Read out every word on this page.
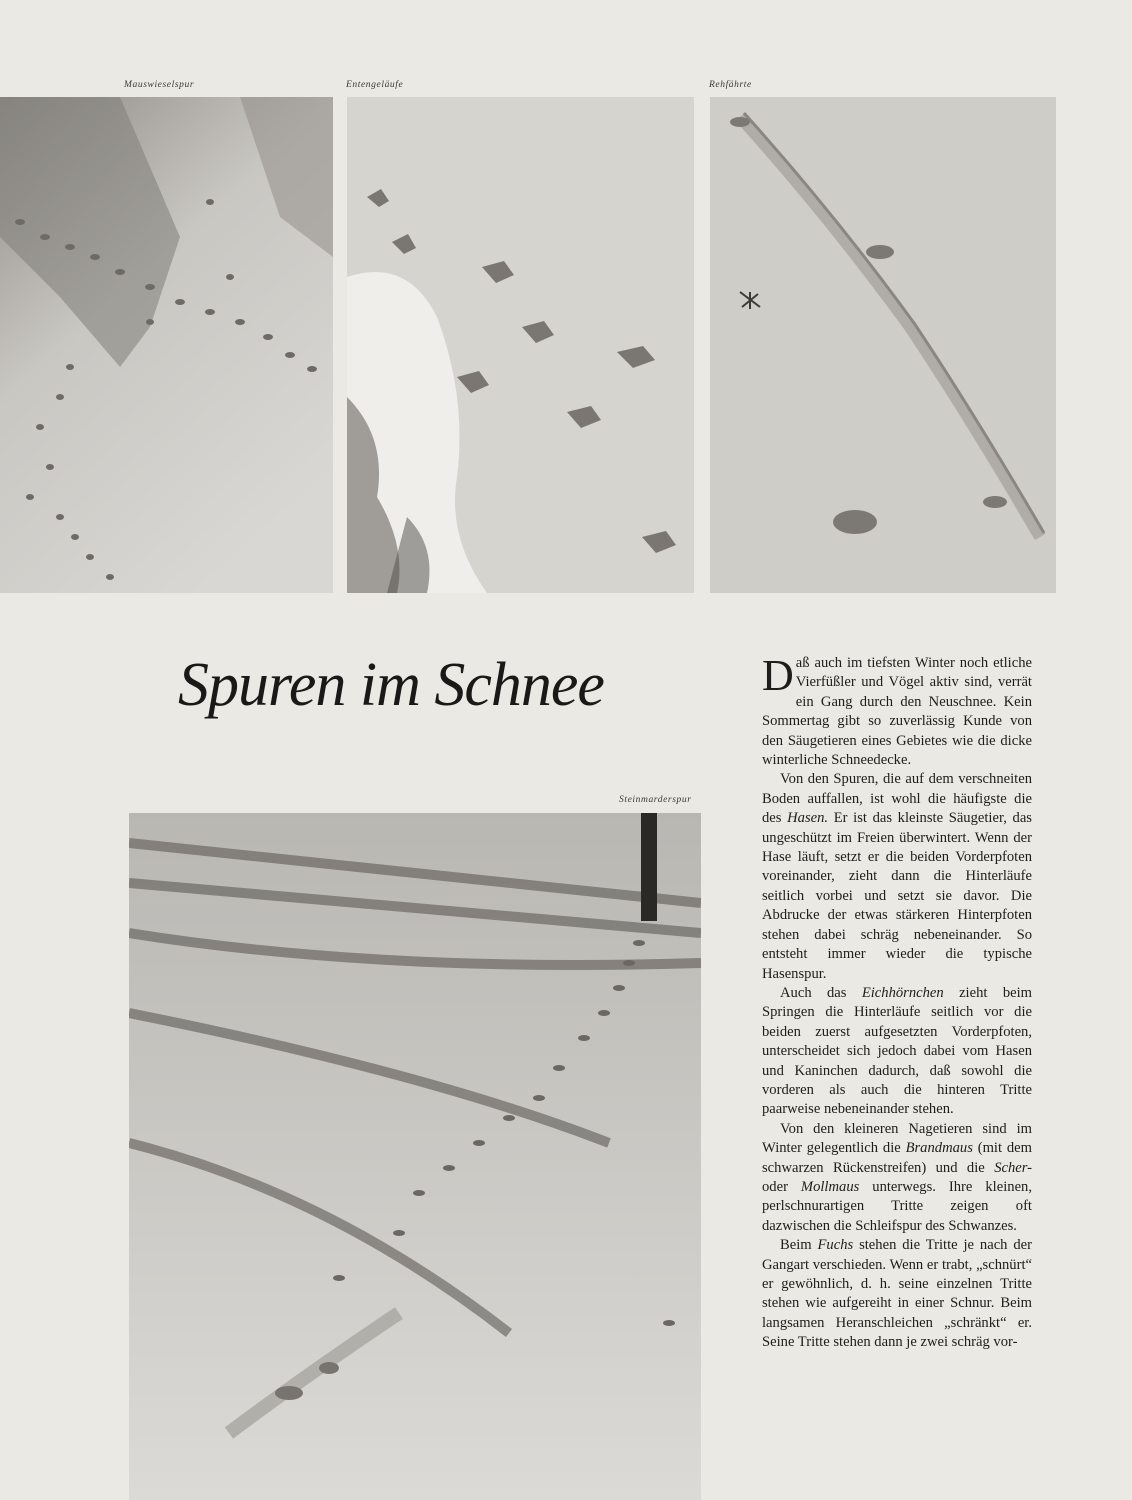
Mauswieselspur	Entengeläufe	Rehfährte
Steinmarderspur
Spuren im Schnee	Daß auch im tiefsten Winter noch etliche Vierfüßler und Vögel aktiv sind, verrät ein Gang durch den Neuschnee. Kein Sommertag gibt so zuverlässig Kunde von den Säugetieren eines Gebietes wie die dicke winterliche Schneedecke.

Von den Spuren, die auf dem verschneiten Boden auffallen, ist wohl die häufigste die des Hasen. Er ist das kleinste Säugetier, das ungeschützt im Freien überwintert. Wenn der Hase läuft, setzt er die beiden Vorderpfoten voreinander, zieht dann die Hinterläufe seitlich vorbei und setzt sie davor. Die Abdrucke der etwas stärkeren Hinterpfoten stehen dabei schräg nebeneinander. So entsteht immer wieder die typische Hasenspur.

Auch das Eichhörnchen zieht beim Springen die Hinterläufe seitlich vor die beiden zuerst aufgesetzten Vorderpfoten, unterscheidet sich jedoch dabei vom Hasen und Kaninchen dadurch, daß sowohl die vorderen als auch die hinteren Tritte paarweise nebeneinander stehen.

Von den kleineren Nagetieren sind im Winter gelegentlich die Brandmaus (mit dem schwarzen Rückenstreifen) und die Scher- oder Mollmaus unterwegs. Ihre kleinen, perlschnurartigen Tritte zeigen oft dazwischen die Schleifspur des Schwanzes.

Beim Fuchs stehen die Tritte je nach der Gangart verschieden. Wenn er trabt, „schnürt“ er gewöhnlich, d. h. seine einzelnen Tritte stehen wie aufgereiht in einer Schnur. Beim langsamen Heranschleichen „schränkt“ er. Seine Tritte stehen dann je zwei schräg vor-
